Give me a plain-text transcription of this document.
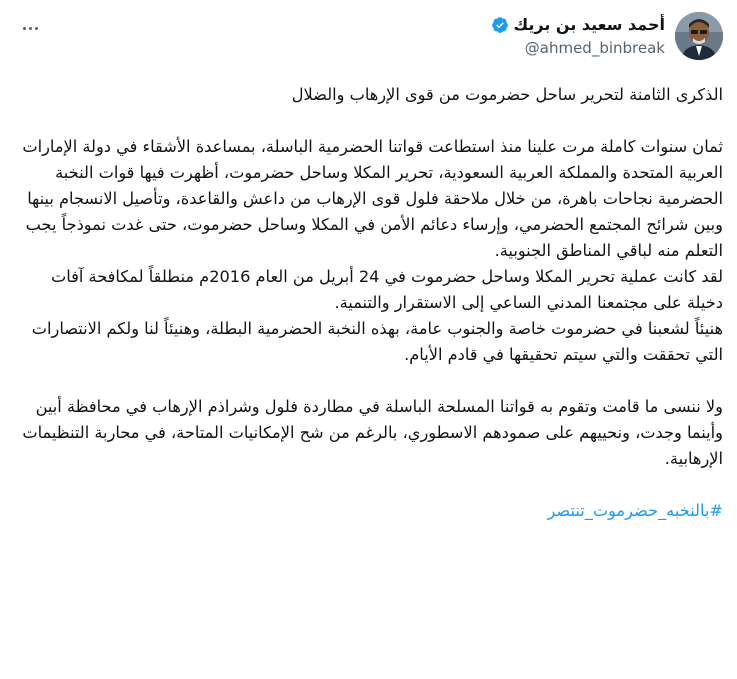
أحمد سعيد بن بريك
@ahmed_binbreak

الذكرى الثامنة لتحرير ساحل حضرموت من قوى الإرهاب والضلال

ثمان سنوات كاملة مرت علينا منذ استطاعت قواتنا الحضرمية الباسلة، بمساعدة الأشقاء في دولة الإمارات العربية المتحدة والمملكة العربية السعودية، تحرير المكلا وساحل حضرموت، أظهرت فيها قوات النخبة الحضرمية نجاحات باهرة، من خلال ملاحقة فلول قوى الإرهاب من داعش والقاعدة، وتأصيل الانسجام بينها وبين شرائح المجتمع الحضرمي، وإرساء دعائم الأمن في المكلا وساحل حضرموت، حتى غدت نموذجاً يجب التعلم منه لباقي المناطق الجنوبية.

لقد كانت عملية تحرير المكلا وساحل حضرموت في 24 أبريل من العام 2016م منطلقاً لمكافحة آفات دخيلة على مجتمعنا المدني الساعي إلى الاستقرار والتنمية.

هنيئاً لشعبنا في حضرموت خاصة والجنوب عامة، بهذه النخبة الحضرمية البطلة، وهنيئاً لنا ولكم الانتصارات التي تحققت والتي سيتم تحقيقها في قادم الأيام.

ولا ننسى ما قامت وتقوم به قواتنا المسلحة الباسلة في مطاردة فلول وشراذم الإرهاب في محافظة أبين وأينما وجدت، ونحييهم على صمودهم الاسطوري، بالرغم من شح الإمكانيات المتاحة، في محاربة التنظيمات الإرهابية.

#بالنخبه_حضرموت_تنتصر
